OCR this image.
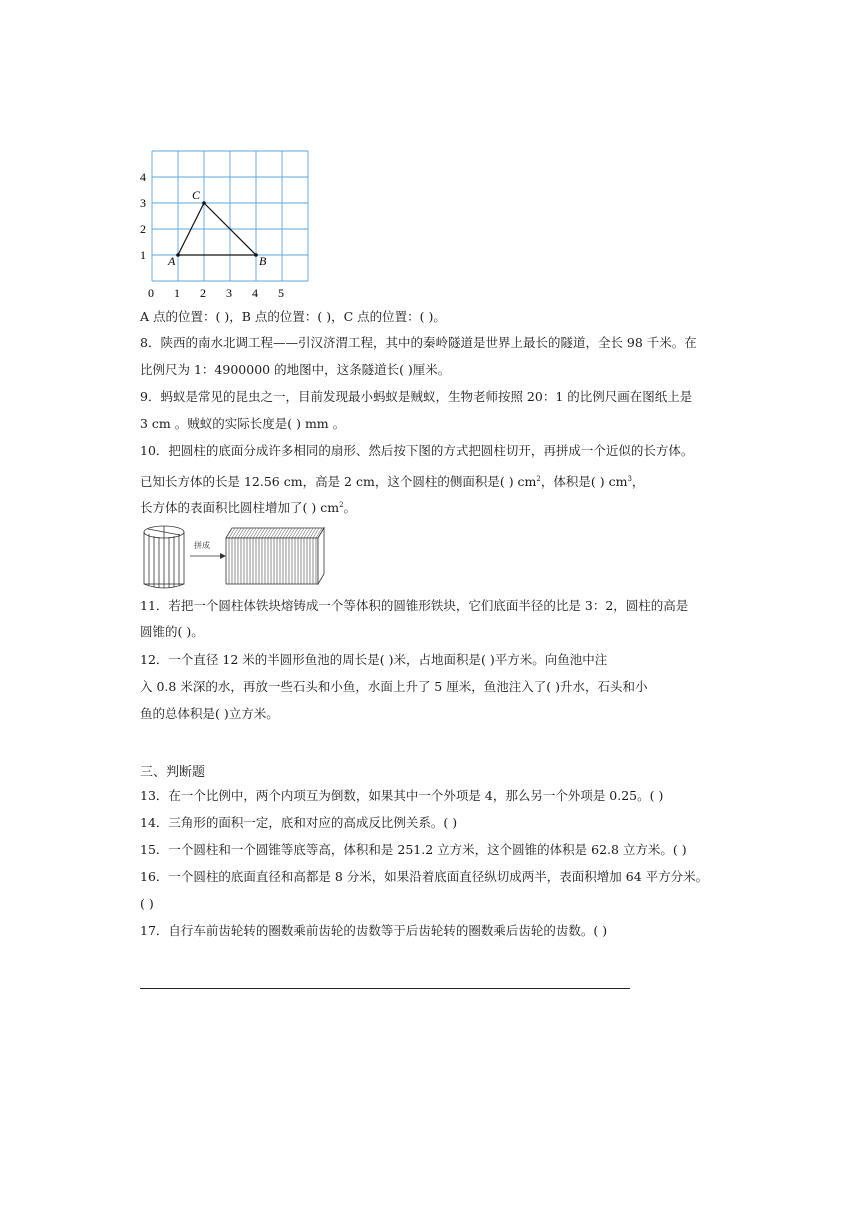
0 1 2 3 4 5
4
3
2
1 A	B
C
A 点的位置：( )，B 点的位置：( )，C 点的位置：( )。
8．陕西的南水北调工程——引汉济渭工程，其中的秦岭隧道是世界上最长的隧道，全长 98 千米。在
比例尺为 1：4900000 的地图中，这条隧道长( )厘米。
9．蚂蚁是常见的昆虫之一，目前发现最小蚂蚁是贼蚁，生物老师按照 20：1 的比例尺画在图纸上是
3 cm 。贼蚁的实际长度是( ) mm 。
10．把圆柱的底面分成许多相同的扇形、然后按下图的方式把圆柱切开，再拼成一个近似的长方体。
已知长方体的长是 12.56 cm，高是 2 cm，这个圆柱的侧面积是( ) $cm^2$，体积是( ) $cm^3$，
长方体的表面积比圆柱增加了( ) $cm^2$。
拼成
11．若把一个圆柱体铁块熔铸成一个等体积的圆锥形铁块，它们底面半径的比是 3：2，圆柱的高是
圆锥的( )。
12．一个直径 12 米的半圆形鱼池的周长是( )米，占地面积是( )平方米。向鱼池中注
入 0.8 米深的水，再放一些石头和小鱼，水面上升了 5 厘米，鱼池注入了( )升水，石头和小
鱼的总体积是( )立方米。
三、判断题
13．在一个比例中，两个内项互为倒数，如果其中一个外项是 4，那么另一个外项是 0.25。( )
14．三角形的面积一定，底和对应的高成反比例关系。( )
15．一个圆柱和一个圆锥等底等高，体积和是 251.2 立方米，这个圆锥的体积是 62.8 立方米。( )
16．一个圆柱的底面直径和高都是 8 分米，如果沿着底面直径纵切成两半，表面积增加 64 平方分米。
( )
17．自行车前齿轮转的圈数乘前齿轮的齿数等于后齿轮转的圈数乘后齿轮的齿数。( )
